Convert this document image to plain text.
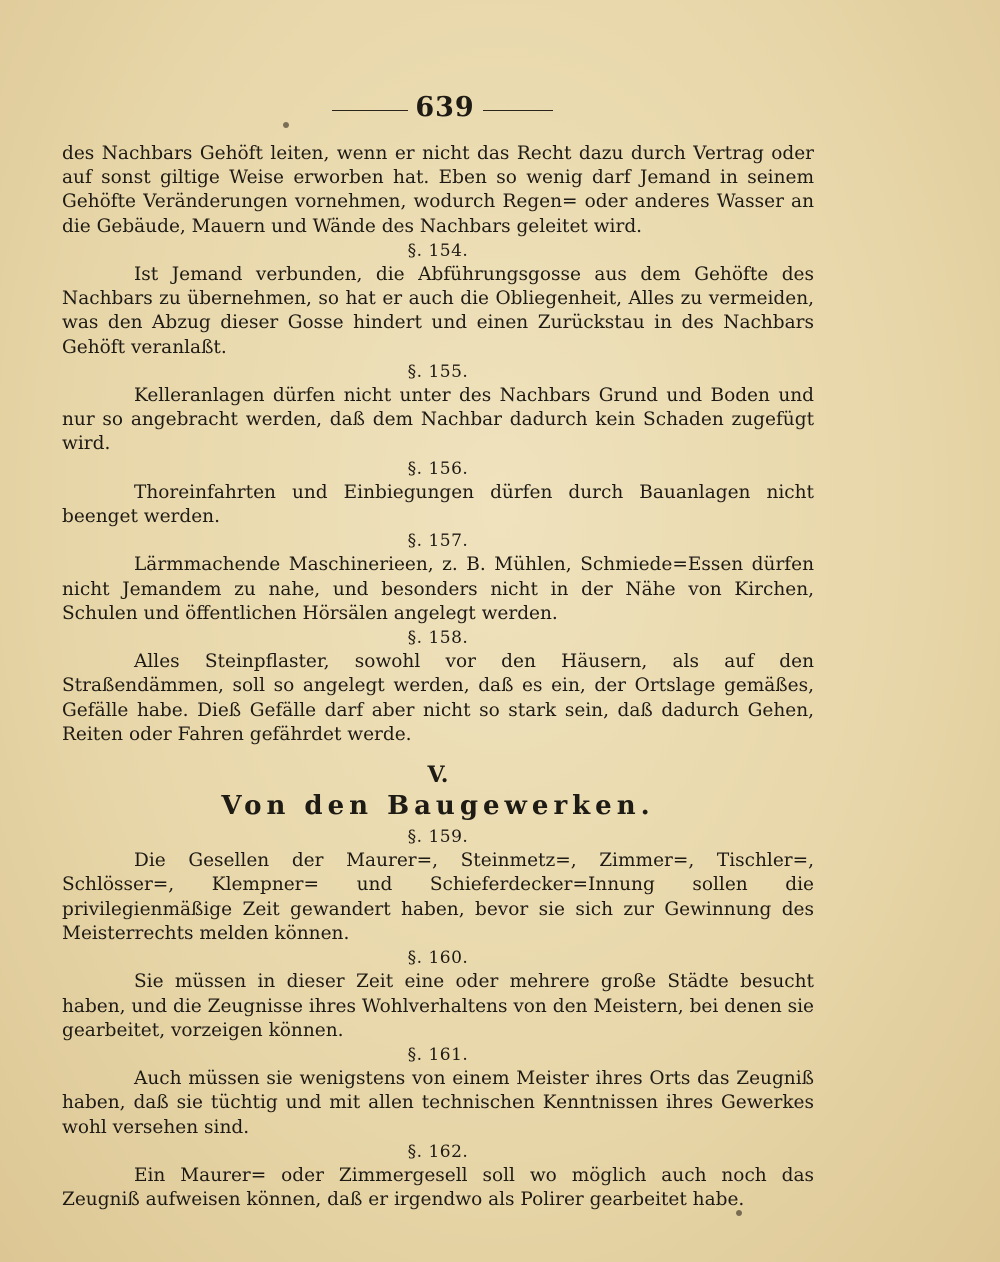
639

des Nachbars Gehöft leiten, wenn er nicht das Recht dazu durch Vertrag oder auf sonst giltige Weise erworben hat. Eben so wenig darf Jemand in seinem Gehöfte Veränderungen vornehmen, wodurch Regen= oder anderes Wasser an die Gebäude, Mauern und Wände des Nachbars geleitet wird.

§. 154.

Ist Jemand verbunden, die Abführungsgosse aus dem Gehöfte des Nachbars zu übernehmen, so hat er auch die Obliegenheit, Alles zu vermeiden, was den Abzug dieser Gosse hindert und einen Zurückstau in des Nachbars Gehöft veranlaßt.

§. 155.

Kelleranlagen dürfen nicht unter des Nachbars Grund und Boden und nur so angebracht werden, daß dem Nachbar dadurch kein Schaden zugefügt wird.

§. 156.

Thoreinfahrten und Einbiegungen dürfen durch Bauanlagen nicht beenget werden.

§. 157.

Lärmmachende Maschinerieen, z. B. Mühlen, Schmiede=Essen dürfen nicht Jemandem zu nahe, und besonders nicht in der Nähe von Kirchen, Schulen und öffentlichen Hörsälen angelegt werden.

§. 158.

Alles Steinpflaster, sowohl vor den Häusern, als auf den Straßendämmen, soll so angelegt werden, daß es ein, der Ortslage gemäßes, Gefälle habe. Dieß Gefälle darf aber nicht so stark sein, daß dadurch Gehen, Reiten oder Fahren gefährdet werde.

V.
Von den Baugewerken.
§. 159.

Die Gesellen der Maurer=, Steinmetz=, Zimmer=, Tischler=, Schlösser=, Klempner= und Schieferdecker=Innung sollen die privilegienmäßige Zeit gewandert haben, bevor sie sich zur Gewinnung des Meisterrechts melden können.

§. 160.

Sie müssen in dieser Zeit eine oder mehrere große Städte besucht haben, und die Zeugnisse ihres Wohlverhaltens von den Meistern, bei denen sie gearbeitet, vorzeigen können.

§. 161.

Auch müssen sie wenigstens von einem Meister ihres Orts das Zeugniß haben, daß sie tüchtig und mit allen technischen Kenntnissen ihres Gewerkes wohl versehen sind.

§. 162.

Ein Maurer= oder Zimmergesell soll wo möglich auch noch das Zeugniß aufweisen können, daß er irgendwo als Polirer gearbeitet habe.
